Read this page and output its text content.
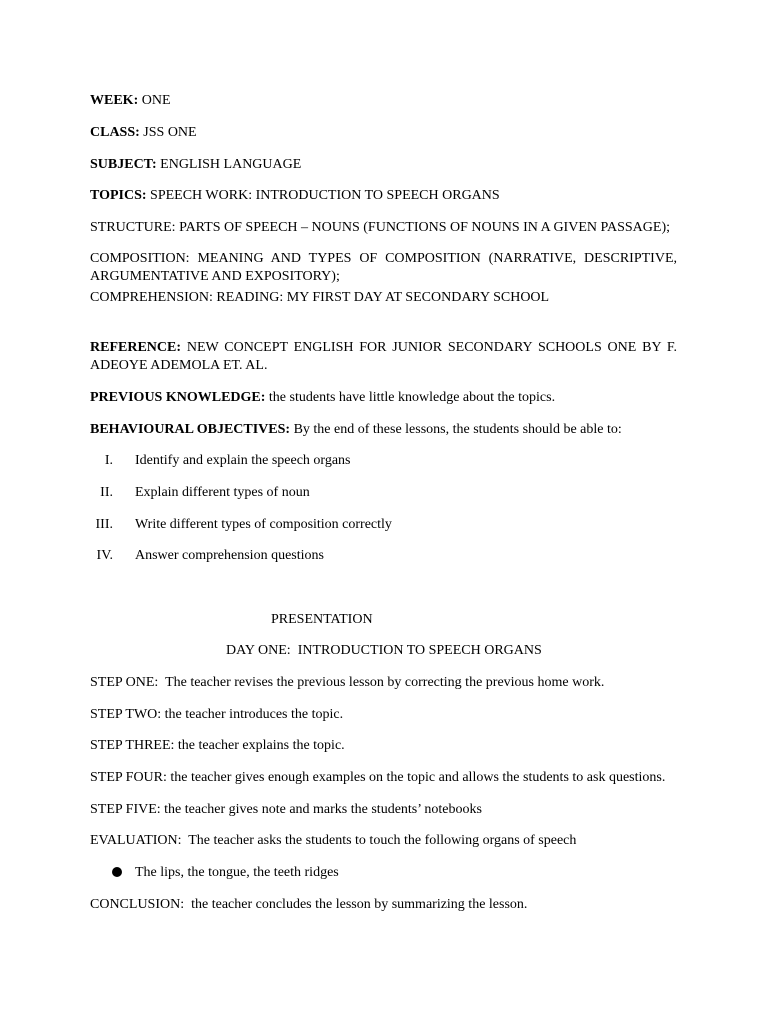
WEEK: ONE

CLASS: JSS ONE

SUBJECT: ENGLISH LANGUAGE

TOPICS: SPEECH WORK: INTRODUCTION TO SPEECH ORGANS

STRUCTURE: PARTS OF SPEECH – NOUNS (FUNCTIONS OF NOUNS IN A GIVEN PASSAGE);

COMPOSITION: MEANING AND TYPES OF COMPOSITION (NARRATIVE, DESCRIPTIVE, ARGUMENTATIVE AND EXPOSITORY);

COMPREHENSION: READING: MY FIRST DAY AT SECONDARY SCHOOL

REFERENCE: NEW CONCEPT ENGLISH FOR JUNIOR SECONDARY SCHOOLS ONE BY F. ADEOYE ADEMOLA ET. AL.

PREVIOUS KNOWLEDGE: the students have little knowledge about the topics.

BEHAVIOURAL OBJECTIVES: By the end of these lessons, the students should be able to:

I. Identify and explain the speech organs

II. Explain different types of noun

III. Write different types of composition correctly

IV. Answer comprehension questions

PRESENTATION

DAY ONE:  INTRODUCTION TO SPEECH ORGANS

STEP ONE:  The teacher revises the previous lesson by correcting the previous home work.

STEP TWO: the teacher introduces the topic.

STEP THREE: the teacher explains the topic.

STEP FOUR: the teacher gives enough examples on the topic and allows the students to ask questions.

STEP FIVE: the teacher gives note and marks the students’ notebooks

EVALUATION:  The teacher asks the students to touch the following organs of speech

The lips, the tongue, the teeth ridges

CONCLUSION:  the teacher concludes the lesson by summarizing the lesson.
